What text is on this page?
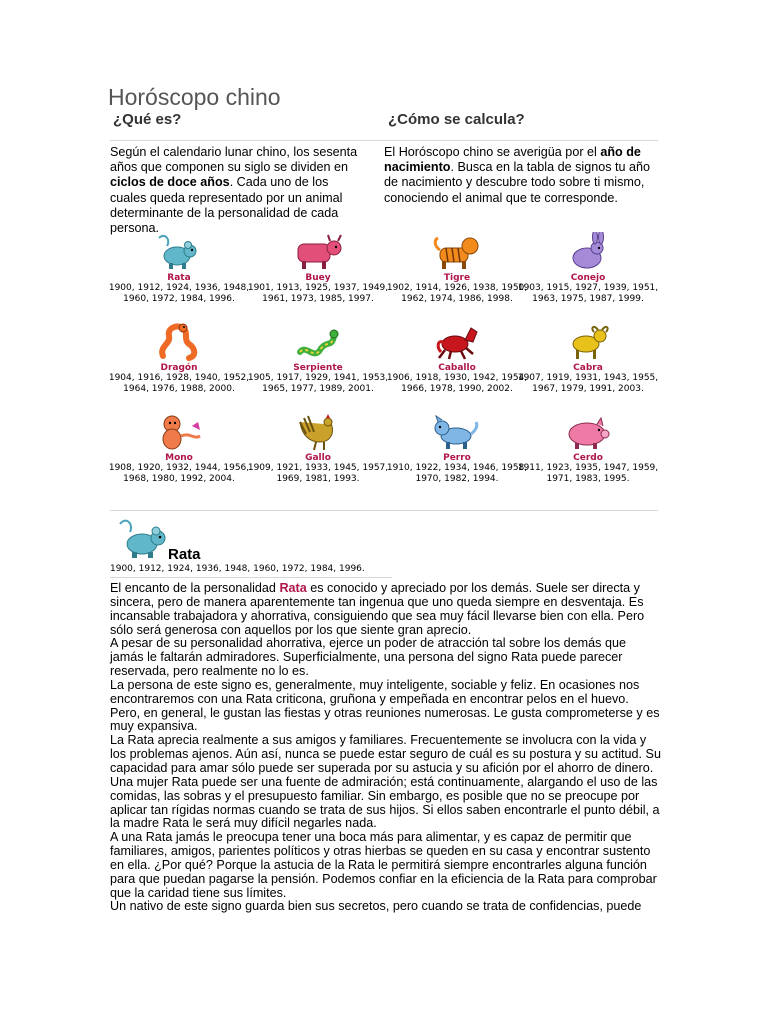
Horóscopo chino
¿Qué es?	¿Cómo se calcula?

Según el calendario lunar chino, los sesenta años que componen su siglo se dividen en ciclos de doce años. Cada uno de los cuales queda representado por un animal determinante de la personalidad de cada persona.

El Horóscopo chino se averigüa por el año de nacimiento. Busca en la tabla de signos tu año de nacimiento y descubre todo sobre ti mismo, conociendo el animal que te corresponde.

Rata
1900, 1912, 1924, 1936, 1948, 1960, 1972, 1984, 1996.
Buey
1901, 1913, 1925, 1937, 1949, 1961, 1973, 1985, 1997.
Tigre
1902, 1914, 1926, 1938, 1950, 1962, 1974, 1986, 1998.
Conejo
1903, 1915, 1927, 1939, 1951, 1963, 1975, 1987, 1999.
Dragón
1904, 1916, 1928, 1940, 1952, 1964, 1976, 1988, 2000.
Serpiente
1905, 1917, 1929, 1941, 1953, 1965, 1977, 1989, 2001.
Caballo
1906, 1918, 1930, 1942, 1954, 1966, 1978, 1990, 2002.
Cabra
1907, 1919, 1931, 1943, 1955, 1967, 1979, 1991, 2003.
Mono
1908, 1920, 1932, 1944, 1956, 1968, 1980, 1992, 2004.
Gallo
1909, 1921, 1933, 1945, 1957, 1969, 1981, 1993.
Perro
1910, 1922, 1934, 1946, 1958, 1970, 1982, 1994.
Cerdo
1911, 1923, 1935, 1947, 1959, 1971, 1983, 1995.
Rata
1900, 1912, 1924, 1936, 1948, 1960, 1972, 1984, 1996.

El encanto de la personalidad Rata es conocido y apreciado por los demás. Suele ser directa y sincera, pero de manera aparentemente tan ingenua que uno queda siempre en desventaja. Es incansable trabajadora y ahorrativa, consiguiendo que sea muy fácil llevarse bien con ella. Pero sólo será generosa con aquellos por los que siente gran aprecio.

A pesar de su personalidad ahorrativa, ejerce un poder de atracción tal sobre los demás que jamás le faltarán admiradores. Superficialmente, una persona del signo Rata puede parecer reservada, pero realmente no lo es.

La persona de este signo es, generalmente, muy inteligente, sociable y feliz. En ocasiones nos encontraremos con una Rata criticona, gruñona y empeñada en encontrar pelos en el huevo. Pero, en general, le gustan las fiestas y otras reuniones numerosas. Le gusta comprometerse y es muy expansiva.

La Rata aprecia realmente a sus amigos y familiares. Frecuentemente se involucra con la vida y los problemas ajenos. Aún así, nunca se puede estar seguro de cuál es su postura y su actitud. Su capacidad para amar sólo puede ser superada por su astucia y su afición por el ahorro de dinero.

Una mujer Rata puede ser una fuente de admiración; está continuamente, alargando el uso de las comidas, las sobras y el presupuesto familiar. Sin embargo, es posible que no se preocupe por aplicar tan rígidas normas cuando se trata de sus hijos. Si ellos saben encontrarle el punto débil, a la madre Rata le será muy difícil negarles nada.

A una Rata jamás le preocupa tener una boca más para alimentar, y es capaz de permitir que familiares, amigos, parientes políticos y otras hierbas se queden en su casa y encontrar sustento en ella. ¿Por qué? Porque la astucia de la Rata le permitirá siempre encontrarles alguna función para que puedan pagarse la pensión. Podemos confiar en la eficiencia de la Rata para comprobar que la caridad tiene sus límites.

Un nativo de este signo guarda bien sus secretos, pero cuando se trata de confidencias, puede
